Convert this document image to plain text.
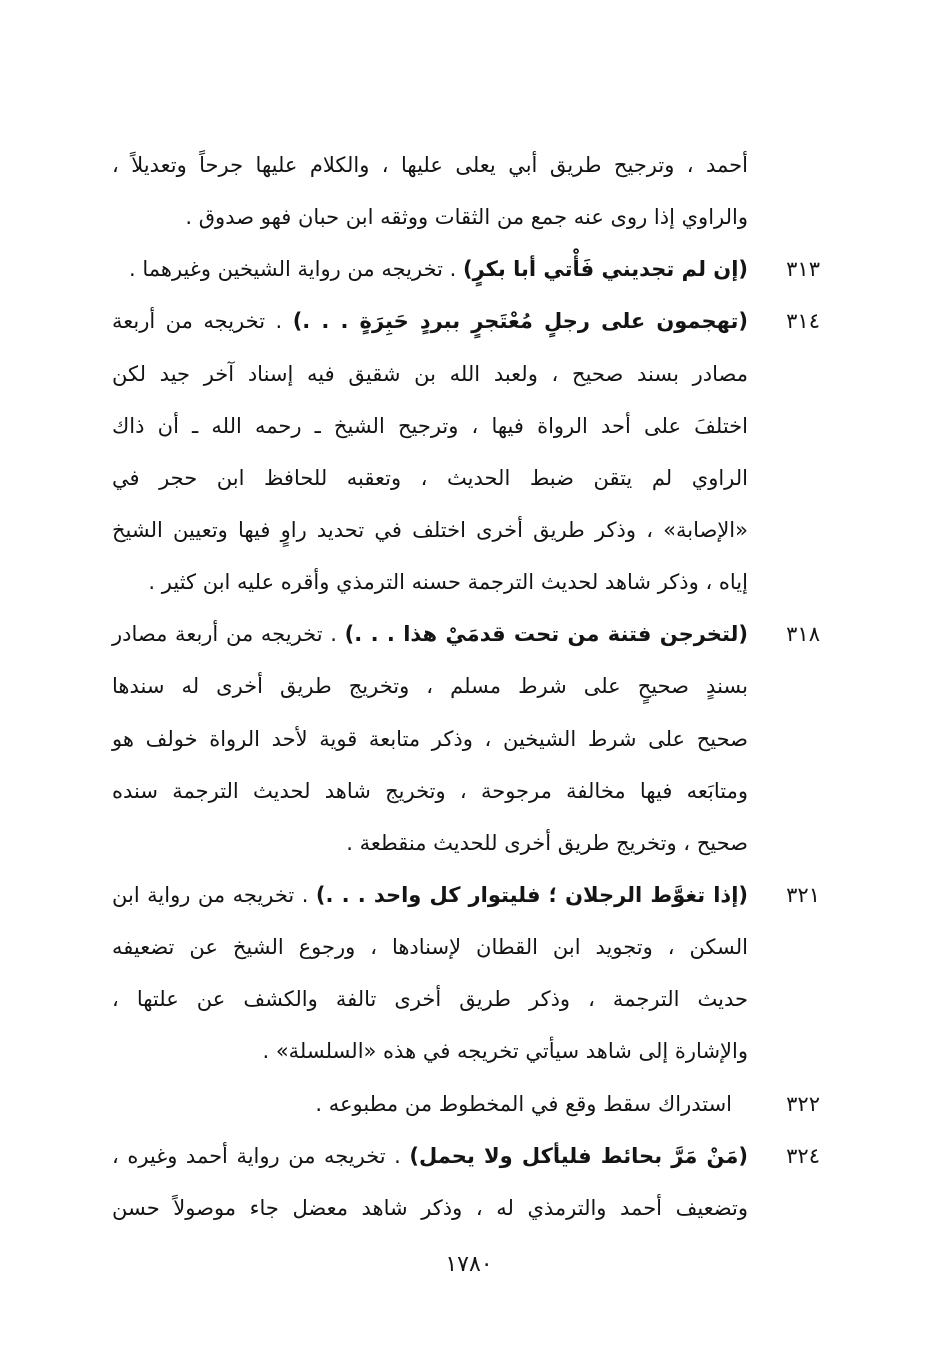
أحمد ، وترجيح طريق أبي يعلى عليها ، والكلام عليها جرحاً وتعديلاً ،
والراوي إذا روى عنه جمع من الثقات ووثقه ابن حبان فهو صدوق .
٣١٣
(إن لم تجديني فَأْتي أبا بكرٍ) . تخريجه من رواية الشيخين وغيرهما .
٣١٤
(تهجمون على رجلٍ مُعْتَجرٍ ببردٍ حَبِرَةٍ . . .) . تخريجه من أربعة
مصادر بسند صحيح ، ولعبد الله بن شقيق فيه إسناد آخر جيد لكن
اختلفَ على أحد الرواة فيها ، وترجيح الشيخ ـ رحمه الله ـ أن ذاك
الراوي لم يتقن ضبط الحديث ، وتعقبه للحافظ ابن حجر في
«الإصابة» ، وذكر طريق أخرى اختلف في تحديد راوٍ فيها وتعيين الشيخ
إياه ، وذكر شاهد لحديث الترجمة حسنه الترمذي وأقره عليه ابن كثير .
٣١٨
(لتخرجن فتنة من تحت قدمَيْ هذا . . .) . تخريجه من أربعة مصادر
بسندٍ صحيحٍ على شرط مسلم ، وتخريج طريق أخرى له سندها
صحيح على شرط الشيخين ، وذكر متابعة قوية لأحد الرواة خولف هو
ومتابَعه فيها مخالفة مرجوحة ، وتخريج شاهد لحديث الترجمة سنده
صحيح ، وتخريج طريق أخرى للحديث منقطعة .
٣٢١
(إذا تغوَّط الرجلان ؛ فليتوار كل واحد . . .) . تخريجه من رواية ابن
السكن ، وتجويد ابن القطان لإسنادها ، ورجوع الشيخ عن تضعيفه
حديث الترجمة ، وذكر طريق أخرى تالفة والكشف عن علتها ،
والإشارة إلى شاهد سيأتي تخريجه في هذه «السلسلة» .
٣٢٢
استدراك سقط وقع في المخطوط من مطبوعه .
٣٢٤
(مَنْ مَرَّ بحائط فليأكل ولا يحمل) . تخريجه من رواية أحمد وغيره ،
وتضعيف أحمد والترمذي له ، وذكر شاهد معضل جاء موصولاً حسن
١٧٨٠
